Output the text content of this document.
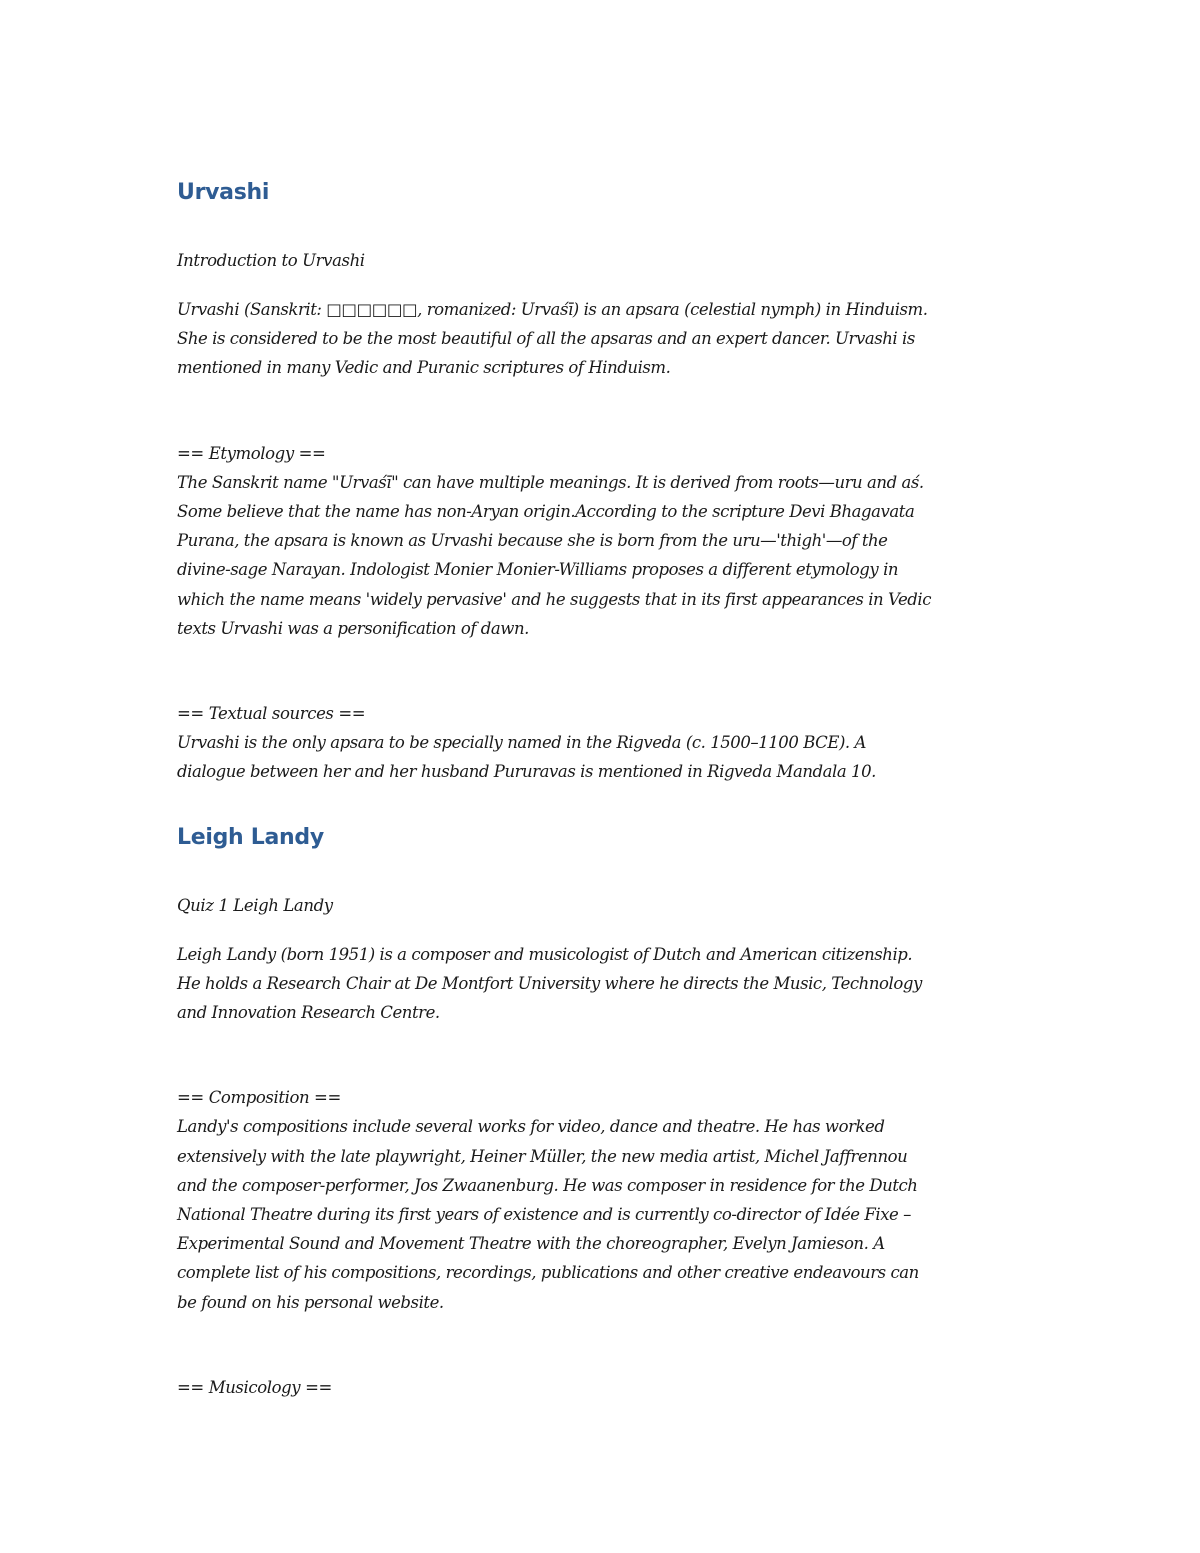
Urvashi

Introduction to Urvashi

Urvashi (Sanskrit: □□□□□□, romanized: Urvaśī) is an apsara (celestial nymph) in Hinduism.
She is considered to be the most beautiful of all the apsaras and an expert dancer. Urvashi is
mentioned in many Vedic and Puranic scriptures of Hinduism.

== Etymology ==

The Sanskrit name "Urvaśī" can have multiple meanings. It is derived from roots—uru and aś.
Some believe that the name has non-Aryan origin.According to the scripture Devi Bhagavata
Purana, the apsara is known as Urvashi because she is born from the uru—'thigh'—of the
divine-sage Narayan. Indologist Monier Monier-Williams proposes a different etymology in
which the name means 'widely pervasive' and he suggests that in its first appearances in Vedic
texts Urvashi was a personification of dawn.

== Textual sources ==

Urvashi is the only apsara to be specially named in the Rigveda (c. 1500–1100 BCE). A
dialogue between her and her husband Pururavas is mentioned in Rigveda Mandala 10.

Leigh Landy

Quiz 1 Leigh Landy

Leigh Landy (born 1951) is a composer and musicologist of Dutch and American citizenship.
He holds a Research Chair at De Montfort University where he directs the Music, Technology
and Innovation Research Centre.

== Composition ==

Landy's compositions include several works for video, dance and theatre. He has worked
extensively with the late playwright, Heiner Müller, the new media artist, Michel Jaffrennou
and the composer-performer, Jos Zwaanenburg. He was composer in residence for the Dutch
National Theatre during its first years of existence and is currently co-director of Idée Fixe –
Experimental Sound and Movement Theatre with the choreographer, Evelyn Jamieson. A
complete list of his compositions, recordings, publications and other creative endeavours can
be found on his personal website.

== Musicology ==
